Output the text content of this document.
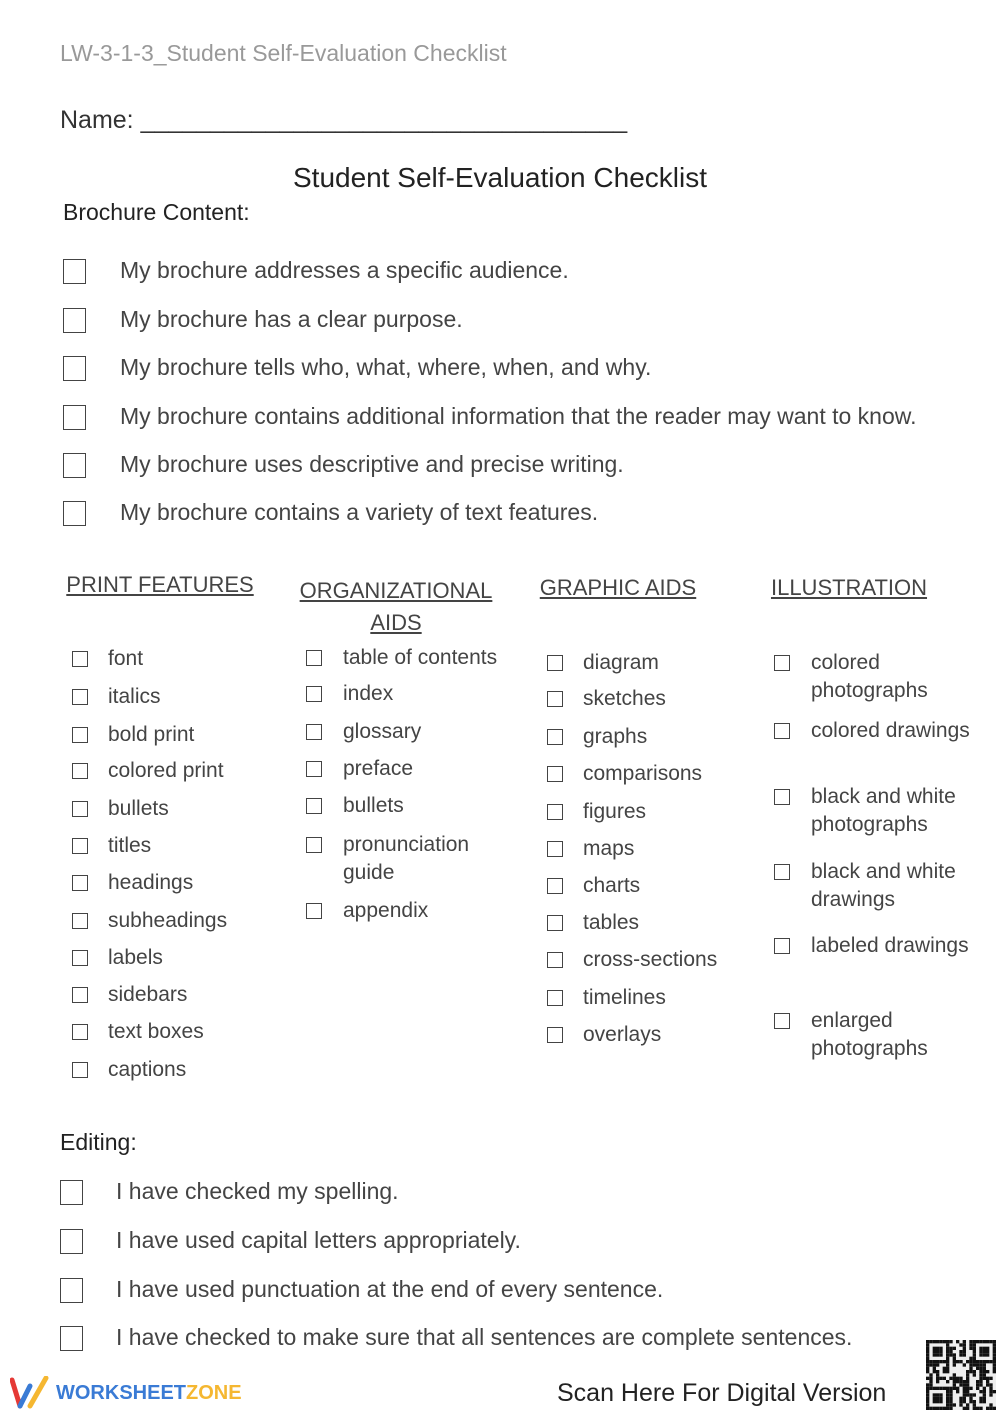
LW-3-1-3_Student Self-Evaluation Checklist
Name: ___________________________________
Student Self-Evaluation Checklist
Brochure Content:
My brochure addresses a specific audience.
My brochure has a clear purpose.
My brochure tells who, what, where, when, and why.
My brochure contains additional information that the reader may want to know.
My brochure uses descriptive and precise writing.
My brochure contains a variety of text features.
PRINT FEATURES ORGANIZATIONAL
AIDS
GRAPHIC AIDS	ILLUSTRATION
font
italics
bold print
colored print
bullets
titles
headings
subheadings
labels
sidebars
text boxes
captions
table of contents
index
glossary
preface
bullets
pronunciation guide
appendix
diagram
sketches
graphs
comparisons
figures
maps
charts
tables
cross-sections
timelines
overlays
colored photographs
colored drawings
black and white photographs
black and white drawings
labeled drawings
enlarged photographs
Editing:
I have checked my spelling.
I have used capital letters appropriately.
I have used punctuation at the end of every sentence.
I have checked to make sure that all sentences are complete sentences.
WORKSHEETZONE	Scan Here For Digital Version
